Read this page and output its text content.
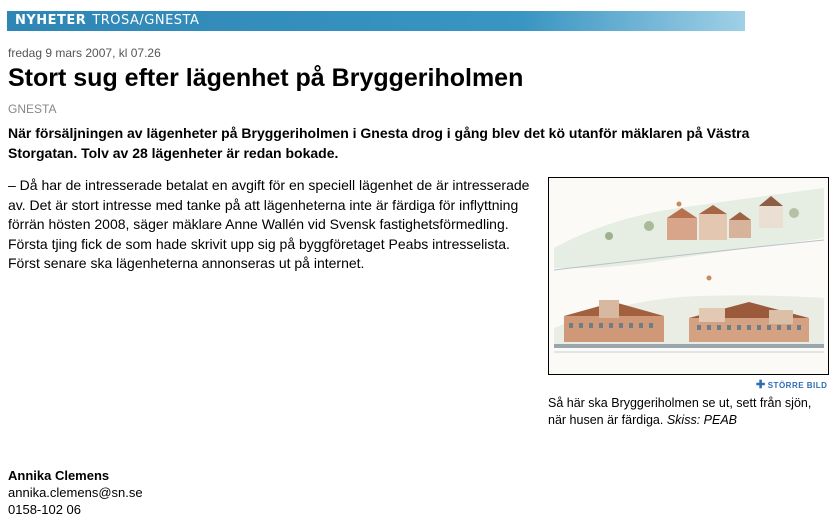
NYHETER TROSA/GNESTA
fredag 9 mars 2007, kl 07.26
Stort sug efter lägenhet på Bryggeriholmen
GNESTA

När försäljningen av lägenheter på Bryggeriholmen i Gnesta drog i gång blev det kö utanför mäklaren på Västra Storgatan. Tolv av 28 lägenheter är redan bokade.

– Då har de intresserade betalat en avgift för en speciell lägenhet de är intresserade av. Det är stort intresse med tanke på att lägenheterna inte är färdiga för inflyttning förrän hösten 2008, säger mäklare Anne Wallén vid Svensk fastighetsförmedling.

Första tjing fick de som hade skrivit upp sig på byggföretaget Peabs intresselista. Först senare ska lägenheterna annonseras ut på internet.

✚ STÖRRE BILD
Så här ska Bryggeriholmen se ut, sett från sjön, när husen är färdiga. Skiss: PEAB
Annika Clemens
annika.clemens@sn.se
0158-102 06
